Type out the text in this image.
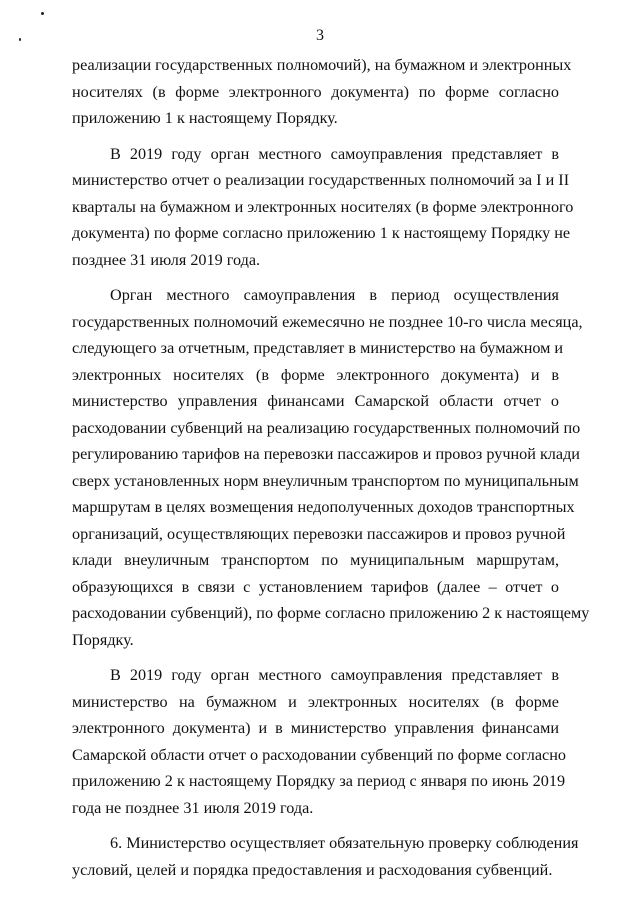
3
реализации государственных полномочий), на бумажном и электронных
носителях (в форме электронного документа) по форме согласно
приложению 1 к настоящему Порядку.
В 2019 году орган местного самоуправления представляет в
министерство отчет о реализации государственных полномочий за I и II
кварталы на бумажном и электронных носителях (в форме электронного
документа) по форме согласно приложению 1 к настоящему Порядку не
позднее 31 июля 2019 года.
Орган местного самоуправления в период осуществления
государственных полномочий ежемесячно не позднее 10-го числа месяца,
следующего за отчетным, представляет в министерство на бумажном и
электронных носителях (в форме электронного документа) и в
министерство управления финансами Самарской области отчет о
расходовании субвенций на реализацию государственных полномочий по
регулированию тарифов на перевозки пассажиров и провоз ручной клади
сверх установленных норм внеуличным транспортом по муниципальным
маршрутам в целях возмещения недополученных доходов транспортных
организаций, осуществляющих перевозки пассажиров и провоз ручной
клади внеуличным транспортом по муниципальным маршрутам,
образующихся в связи с установлением тарифов (далее – отчет о
расходовании субвенций), по форме согласно приложению 2 к настоящему
Порядку.
В 2019 году орган местного самоуправления представляет в
министерство на бумажном и электронных носителях (в форме
электронного документа) и в министерство управления финансами
Самарской области отчет о расходовании субвенций по форме согласно
приложению 2 к настоящему Порядку за период с января по июнь 2019
года не позднее 31 июля 2019 года.
6. Министерство осуществляет обязательную проверку соблюдения
условий, целей и порядка предоставления и расходования субвенций.
